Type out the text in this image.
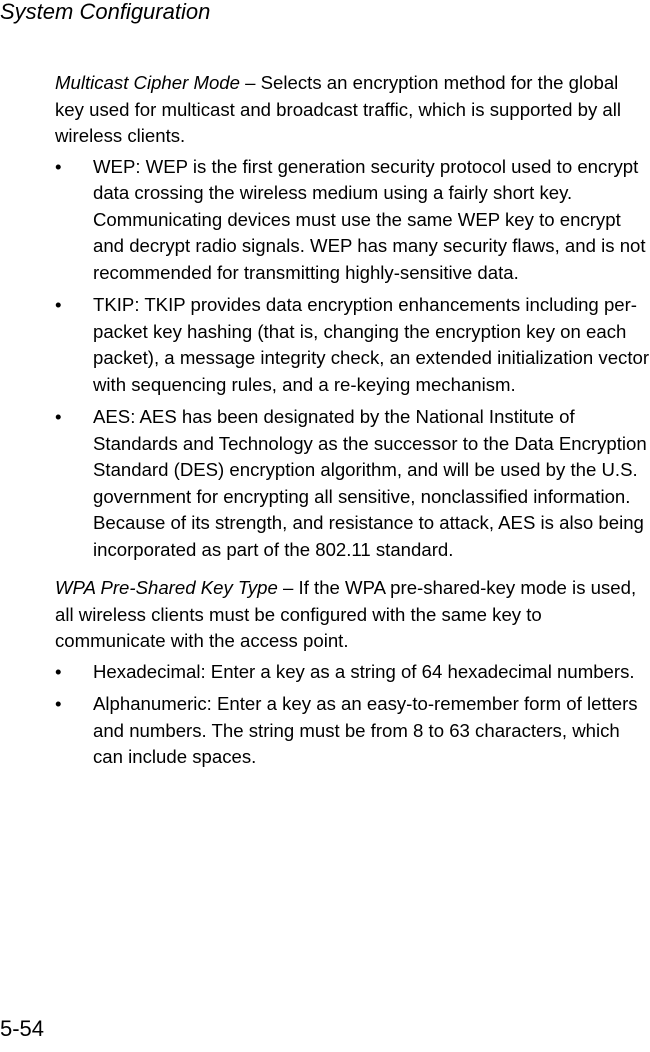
System Configuration

Multicast Cipher Mode – Selects an encryption method for the global key used for multicast and broadcast traffic, which is supported by all wireless clients.

• WEP: WEP is the first generation security protocol used to encrypt data crossing the wireless medium using a fairly short key. Communicating devices must use the same WEP key to encrypt and decrypt radio signals. WEP has many security flaws, and is not recommended for transmitting highly-sensitive data.
• TKIP: TKIP provides data encryption enhancements including per-packet key hashing (that is, changing the encryption key on each packet), a message integrity check, an extended initialization vector with sequencing rules, and a re-keying mechanism.
• AES: AES has been designated by the National Institute of Standards and Technology as the successor to the Data Encryption Standard (DES) encryption algorithm, and will be used by the U.S. government for encrypting all sensitive, nonclassified information. Because of its strength, and resistance to attack, AES is also being incorporated as part of the 802.11 standard.

WPA Pre-Shared Key Type – If the WPA pre-shared-key mode is used, all wireless clients must be configured with the same key to communicate with the access point.

• Hexadecimal: Enter a key as a string of 64 hexadecimal numbers.
• Alphanumeric: Enter a key as an easy-to-remember form of letters and numbers. The string must be from 8 to 63 characters, which can include spaces.
5-54
